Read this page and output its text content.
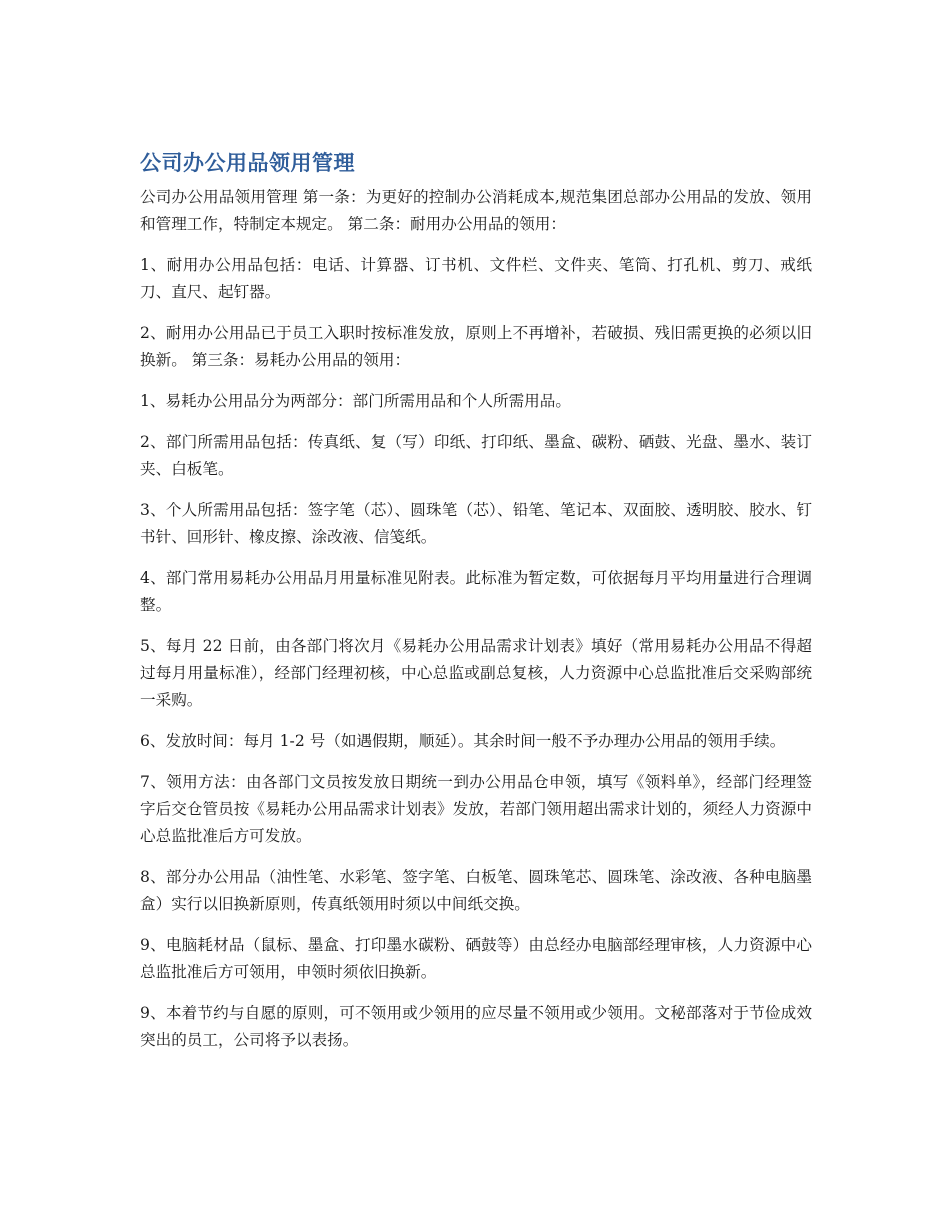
公司办公用品领用管理

公司办公用品领用管理 第一条：为更好的控制办公消耗成本,规范集团总部办公用品的发放、领用和管理工作，特制定本规定。 第二条：耐用办公用品的领用：

1、耐用办公用品包括：电话、计算器、订书机、文件栏、文件夹、笔筒、打孔机、剪刀、戒纸刀、直尺、起钉器。

2、耐用办公用品已于员工入职时按标准发放，原则上不再增补，若破损、残旧需更换的必须以旧换新。 第三条：易耗办公用品的领用：

1、易耗办公用品分为两部分：部门所需用品和个人所需用品。

2、部门所需用品包括：传真纸、复（写）印纸、打印纸、墨盒、碳粉、硒鼓、光盘、墨水、装订夹、白板笔。

3、个人所需用品包括：签字笔（芯）、圆珠笔（芯）、铅笔、笔记本、双面胶、透明胶、胶水、钉书针、回形针、橡皮擦、涂改液、信笺纸。

4、部门常用易耗办公用品月用量标准见附表。此标准为暂定数，可依据每月平均用量进行合理调整。

5、每月 22 日前，由各部门将次月《易耗办公用品需求计划表》填好（常用易耗办公用品不得超过每月用量标准），经部门经理初核，中心总监或副总复核，人力资源中心总监批准后交采购部统一采购。

6、发放时间：每月 1-2 号（如遇假期，顺延）。其余时间一般不予办理办公用品的领用手续。

7、领用方法：由各部门文员按发放日期统一到办公用品仓申领，填写《领料单》，经部门经理签字后交仓管员按《易耗办公用品需求计划表》发放，若部门领用超出需求计划的，须经人力资源中心总监批准后方可发放。

8、部分办公用品（油性笔、水彩笔、签字笔、白板笔、圆珠笔芯、圆珠笔、涂改液、各种电脑墨盒）实行以旧换新原则，传真纸领用时须以中间纸交换。

9、电脑耗材品（鼠标、墨盒、打印墨水碳粉、硒鼓等）由总经办电脑部经理审核，人力资源中心总监批准后方可领用，申领时须依旧换新。

9、本着节约与自愿的原则，可不领用或少领用的应尽量不领用或少领用。文秘部落对于节俭成效突出的员工，公司将予以表扬。
